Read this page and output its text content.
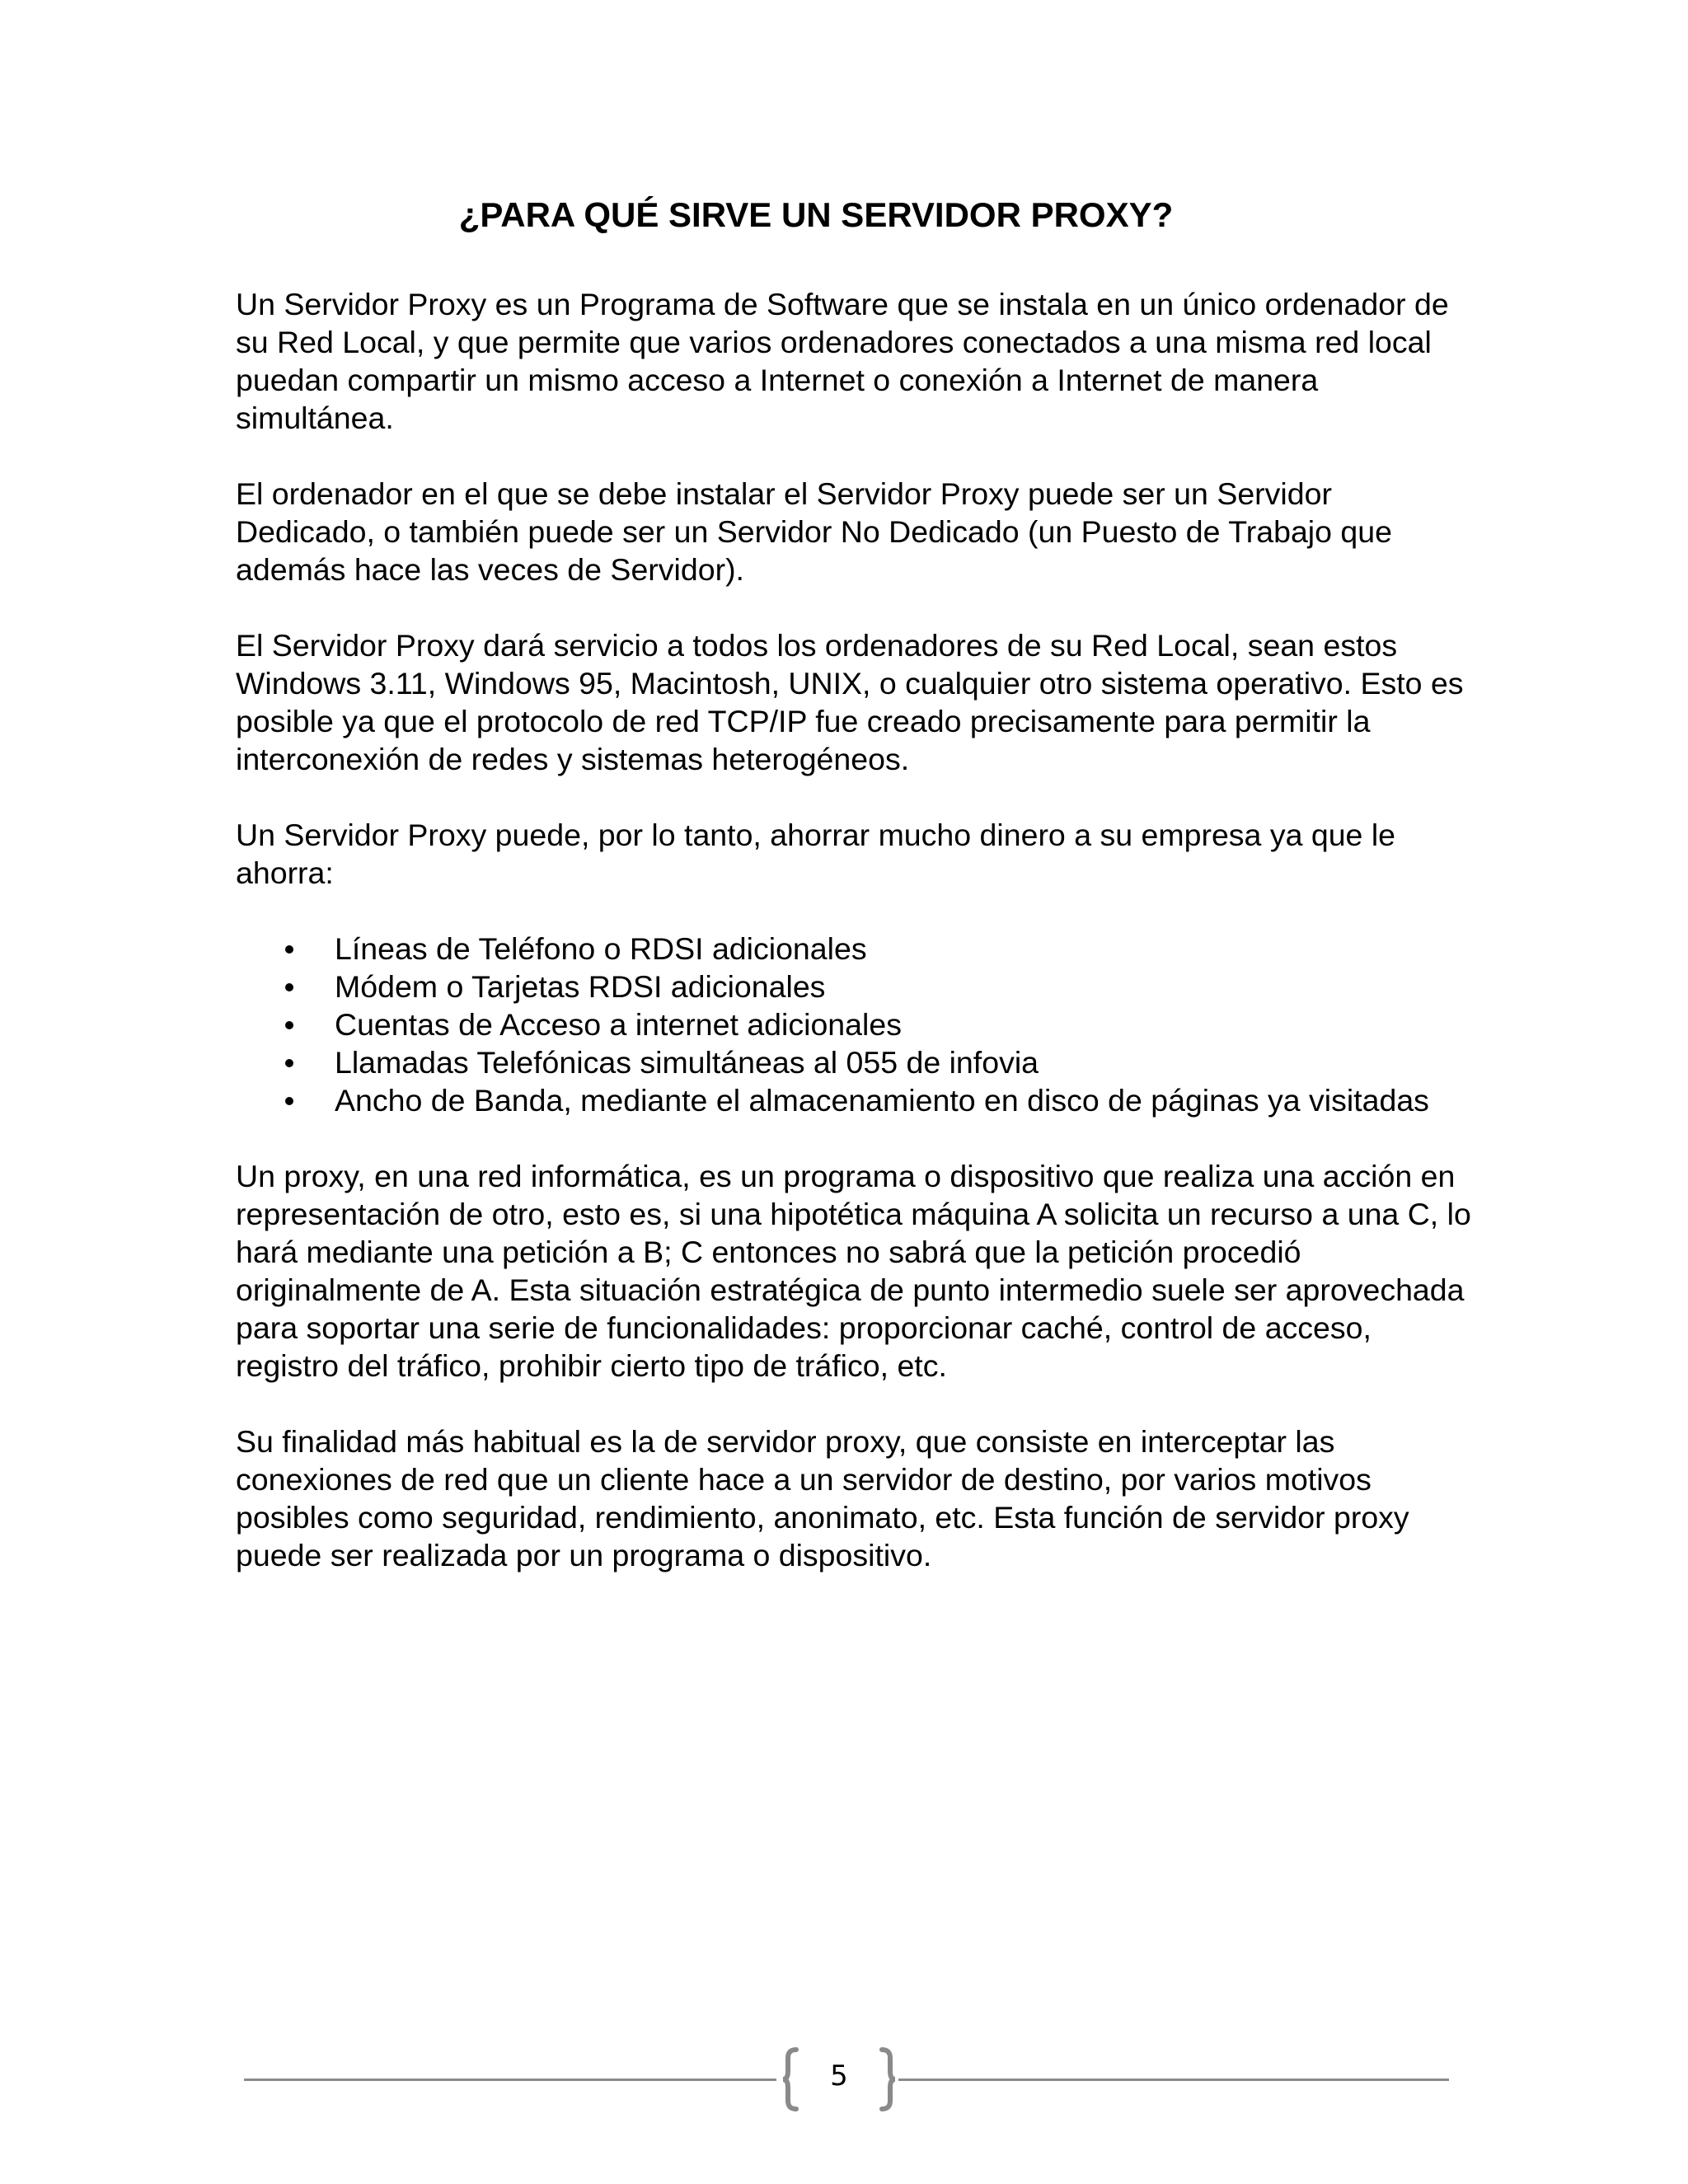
¿PARA QUÉ SIRVE UN SERVIDOR PROXY?

Un Servidor Proxy es un Programa de Software que se instala en un único ordenador de su Red Local, y que permite que varios ordenadores conectados a una misma red local puedan compartir un mismo acceso a Internet o conexión a Internet de manera simultánea.

El ordenador en el que se debe instalar el Servidor Proxy puede ser un Servidor Dedicado, o también puede ser un Servidor No Dedicado (un Puesto de Trabajo que además hace las veces de Servidor).

El Servidor Proxy dará servicio a todos los ordenadores de su Red Local, sean estos Windows 3.11, Windows 95, Macintosh, UNIX, o cualquier otro sistema operativo. Esto es posible ya que el protocolo de red TCP/IP fue creado precisamente para permitir la interconexión de redes y sistemas heterogéneos.

Un Servidor Proxy puede, por lo tanto, ahorrar mucho dinero a su empresa ya que le ahorra:

Líneas de Teléfono o RDSI adicionales
Módem o Tarjetas RDSI adicionales
Cuentas de Acceso a internet adicionales
Llamadas Telefónicas simultáneas al 055 de infovia
Ancho de Banda, mediante el almacenamiento en disco de páginas ya visitadas

Un proxy, en una red informática, es un programa o dispositivo que realiza una acción en representación de otro, esto es, si una hipotética máquina A solicita un recurso a una C, lo hará mediante una petición a B; C entonces no sabrá que la petición procedió originalmente de A. Esta situación estratégica de punto intermedio suele ser aprovechada para soportar una serie de funcionalidades: proporcionar caché, control de acceso, registro del tráfico, prohibir cierto tipo de tráfico, etc.

Su finalidad más habitual es la de servidor proxy, que consiste en interceptar las conexiones de red que un cliente hace a un servidor de destino, por varios motivos posibles como seguridad, rendimiento, anonimato, etc. Esta función de servidor proxy puede ser realizada por un programa o dispositivo.

5
